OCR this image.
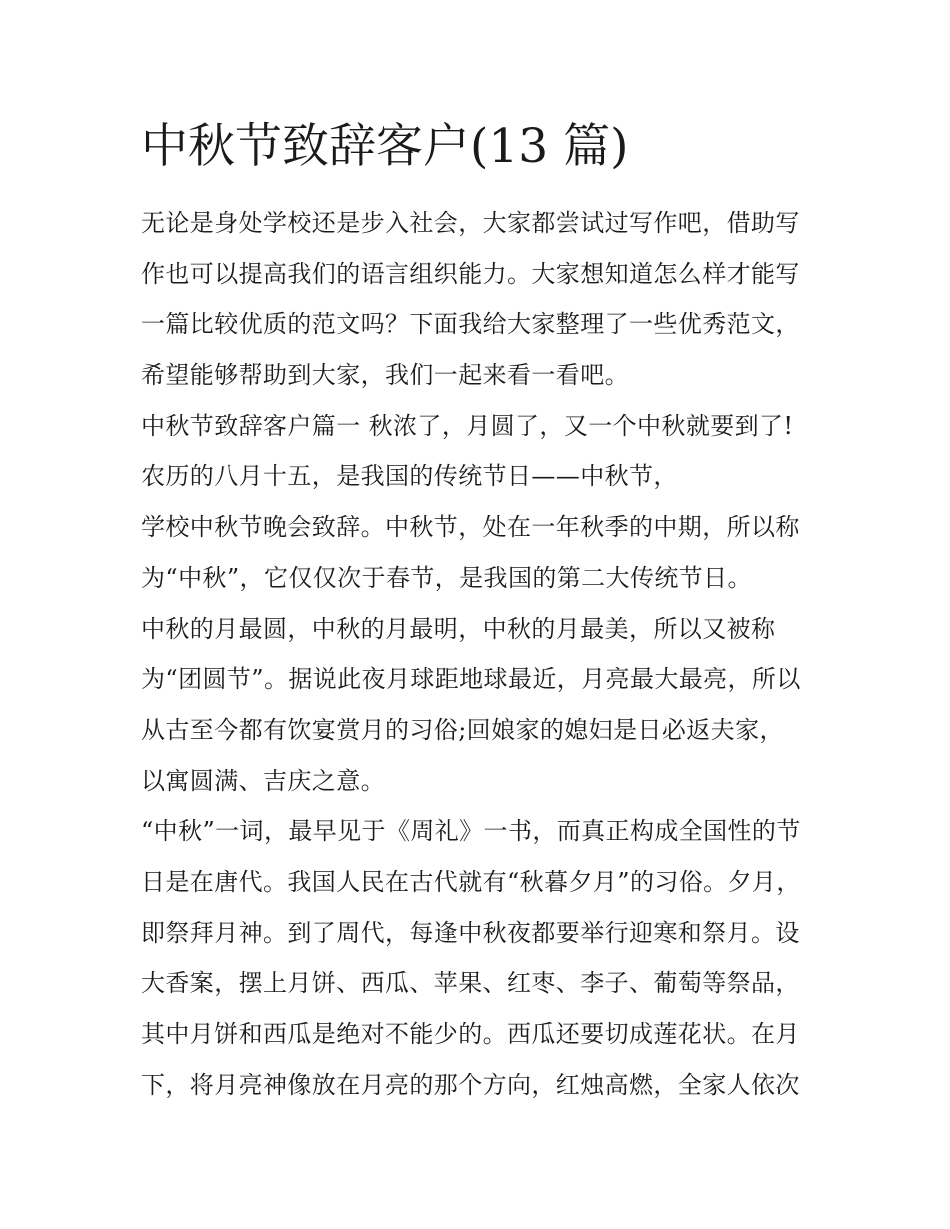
中秋节致辞客户(13 篇)

无论是身处学校还是步入社会，大家都尝试过写作吧，借助写

作也可以提高我们的语言组织能力。大家想知道怎么样才能写

一篇比较优质的范文吗？下面我给大家整理了一些优秀范文，

希望能够帮助到大家，我们一起来看一看吧。

中秋节致辞客户篇一 秋浓了，月圆了，又一个中秋就要到了!

农历的八月十五，是我国的传统节日——中秋节，

学校中秋节晚会致辞。中秋节，处在一年秋季的中期，所以称

为“中秋”，它仅仅次于春节，是我国的第二大传统节日。

中秋的月最圆，中秋的月最明，中秋的月最美，所以又被称

为“团圆节”。据说此夜月球距地球最近，月亮最大最亮，所以

从古至今都有饮宴赏月的习俗;回娘家的媳妇是日必返夫家，

以寓圆满、吉庆之意。

“中秋”一词，最早见于《周礼》一书，而真正构成全国性的节

日是在唐代。我国人民在古代就有“秋暮夕月”的习俗。夕月，

即祭拜月神。到了周代，每逢中秋夜都要举行迎寒和祭月。设

大香案，摆上月饼、西瓜、苹果、红枣、李子、葡萄等祭品，

其中月饼和西瓜是绝对不能少的。西瓜还要切成莲花状。在月

下，将月亮神像放在月亮的那个方向，红烛高燃，全家人依次
